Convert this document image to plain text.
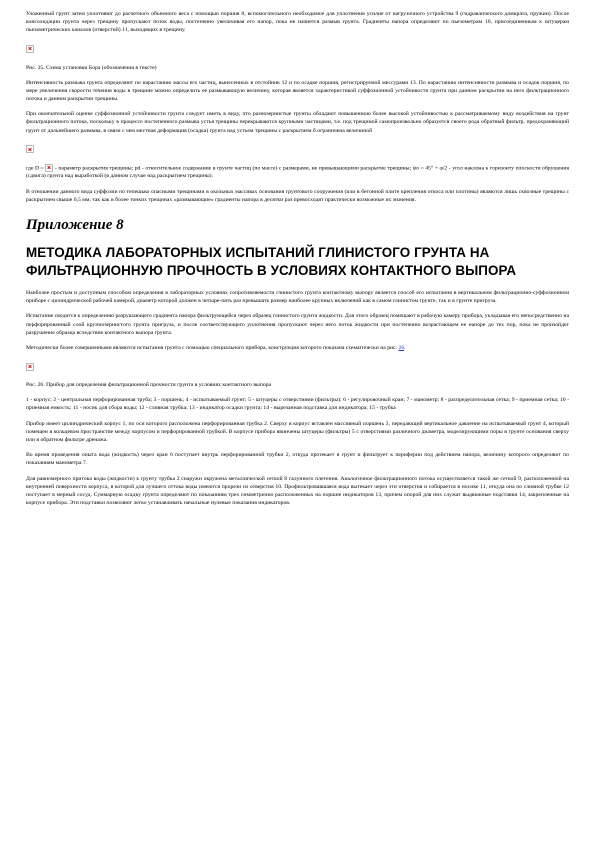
Уложенный грунт затем уплотняют до расчетного объемного веса с помощью поршня 8, вспомогательного необходимое для уплотнения усилие от нагрузочного устройства 9 (гидравлического домкрата, пружин). После консолидации грунта через трещину пропускают поток воды, постепенно увеличивая его напор, пока не начнется размыв грунта. Градиенты напора определяют по пьезометрам 10, присоединенным к штуцерам пьезометрических каналов (отверстий) 11, выходящих в трещину.

Рис. 25. Схема установки Бора (обозначения в тексте)

Интенсивность размыва грунта определяют по нарастанию массы его частиц, вынесенных в отстойник 12 и по осадке поршня, регистрируемой мессурами 13. По нарастанию интенсивности размыва и осадок поршня, по мере увеличения скорости течения воды в трещине можно определить ее размывающую величину, которая является характеристикой суффозионной устойчивости грунта при данном раскрытии на него фильтрационного потока и данном раскрытии трещины.

При окончательной оценке суффозионной устойчивости грунта следует иметь в виду, что разнозернистые грунты обладают повышенною более высокой устойчивостью к рассматриваемому виду воздействия на грунт фильтрационного потока, поскольку в процессе постепенного размыва устья трещины перекрываются крупными частицами, т.е. под трещиной самопроизвольно образуется своего рода обратный фильтр, предохраняющий грунт от дальнейшего размыва, в связи с чем местная деформация (осадка) грунта над устьем трещины с раскрытием б ограничена величиной

где D = - параметр раскрытия трещины; pd - относительное содержание в грунте частиц (по массе) с размерами, не превышающими раскрытие трещины; ψo = 45° + φ/2 - угол наклона к горизонту плоскости обрушения (сдвига) грунта над выработкой (в данном случае над раскрытием трещины).

В отношении данного вида суффозии по тепешько опасными трещинами в окольных массивах основания грунтового сооружения (или в бетонной плите крепления откоса или плотины) являются лишь сквозные трещины с раскрытием свыше 0,5 мм, так как в более тонких трещинах «размывающие» градиенты напора в десятки раз превосходят практически возможные их значения.

Приложение 8
МЕТОДИКА ЛАБОРАТОРНЫХ ИСПЫТАНИЙ ГЛИНИСТОГО ГРУНТА НА ФИЛЬТРАЦИОННУЮ ПРОЧНОСТЬ В УСЛОВИЯХ КОНТАКТНОГО ВЫПОРА

Наиболее простым и доступным способом определения в лабораторных условиях сопротивляемости глинистого грунта контактному выпору является способ его испытания в вертикальном фильтрационно-суффозионном приборе с цилиндрической рабочей камерой, диаметр которой должен в четыре-пять раз превышать размер наиболее крупных включений как в самом глинистом грунте, так и в грунте пригруза.

Испытание сводится к определению разрушающего градиента напора фильтрующейся через образец глинистого грунта жидкости. Для этого образец помещают в рабочую камеру прибора, укладывая его непосредственно на перфорированный слой крупнозернистого грунта пригруза, и после соответствующего уплотнения пропускают через него поток жидкости при постепенно возрастающем ее напоре до тех пор, пока не произойдет разрушение образца вследствие контактного выпора грунта.

Методически более совершенными являются испытания грунта с помощью специального прибора, конструкция которого показана схематически на рис. 26.

Рис. 26. Прибор для определения фильтрационной прочности грунта в условиях контактного выпора

1 - корпус; 2 - центральная перфорированная труба; 3 - поршень; 4 - испытываемый грунт; 5 - штуцеры с отверстиями (фильтры); 6 - регулировочный кран; 7 - манометр; 8 - распределительная сетка; 9 - приемная сетка; 10 - приемная емкость; 11 - носик для сбора воды; 12 - сливная трубка; 13 - индикатор осадки грунта; 14 - вырезанная подставка для индикатора; 15 - трубка

Прибор имеет цилиндрический корпус 1, по оси которого расположена перфорированная трубка 2. Сверху в корпус вставлен массивный поршень 3, передающий вертикальное давление на испытываемый грунт 4, который помещен в кольцевом пространстве между корпусом и перфорированной трубкой. В корпусе прибора ввинчены штуцеры (фильтры) 5 с отверстиями различного диаметра, моделирующими поры в грунте основания сверху или в обратном фильтре дренажа.

Во время проведения опыта вода (жидкость) через кран 6 поступает внутрь перфорированной трубки 2, откуда протекает в грунт и фильтрует к периферии под действием напора, величину которого определяют по показаниям манометра 7.

Для равномерного притока воды (жидкости) к грунту трубка 2 снаружи окружена металлической сеткой 8 галунного плетения. Аналогичное фильтрационного потока осуществляется такой же сеткой 9, расположенной на внутренней поверхности корпуса, в которой для лучшего оттока воды имеются прорези из отверстия 10. Профильтровавшаяся вода вытекает через эти отверстия и собирается в носике 11, откуда она по сливной трубке 12 поступает в мерный сосуд. Суммарную осадку грунта определяют по показаниям трех симметрично расположенных на поршне индикаторов 13, причем опорой для них служат выдвижные подставки 14, закрепленные на корпусе прибора. Эти подставки позволяют легко устанавливать начальные нулевые показания индикаторов.
